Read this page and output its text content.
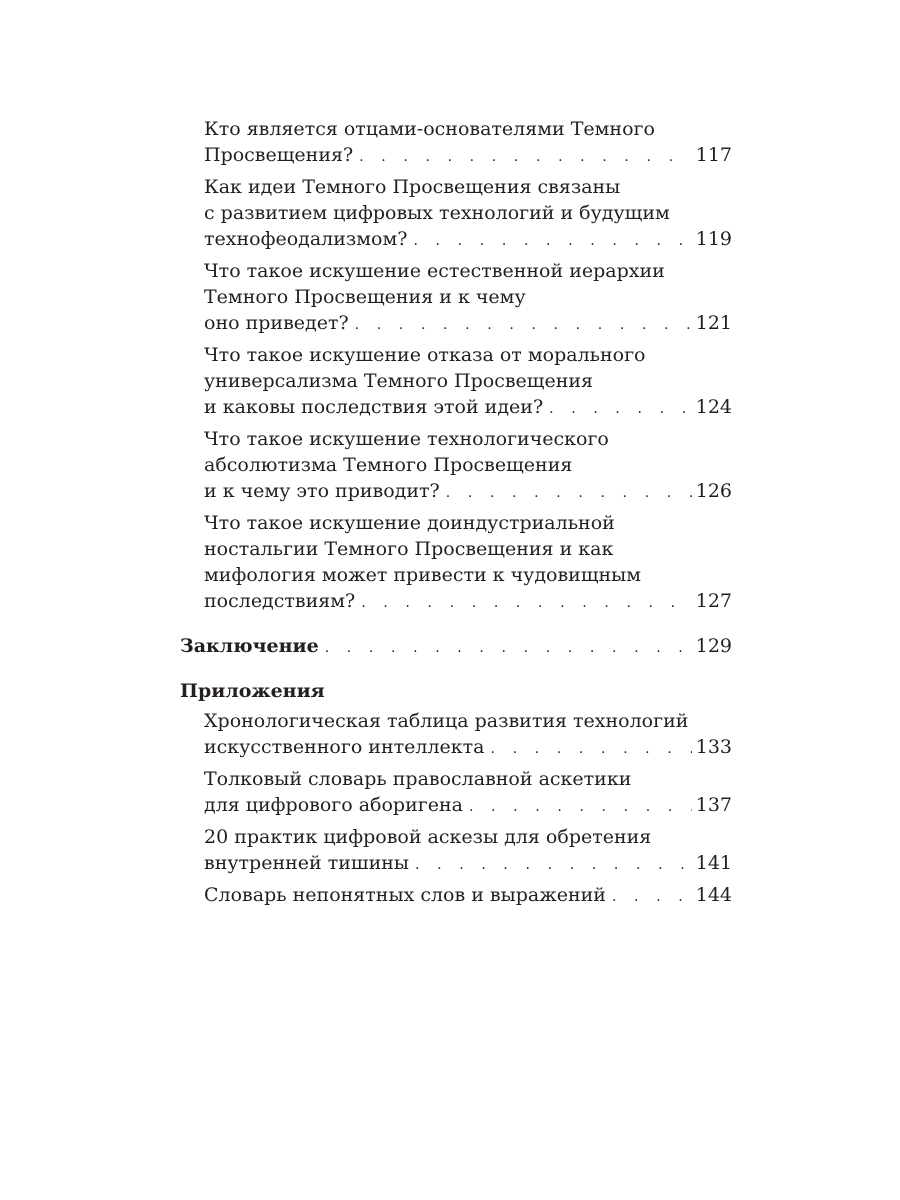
Кто является отцами-основателями Темного
Просвещения? . . .	117
Как идеи Темного Просвещения связаны
с развитием цифровых технологий и будущим
технофеодализмом? . . .	119
Что такое искушение естественной иерархии
Темного Просвещения и к чему
оно приведет? . . .	121
Что такое искушение отказа от морального
универсализма Темного Просвещения
и каковы последствия этой идеи? . . .	124
Что такое искушение технологического
абсолютизма Темного Просвещения
и к чему это приводит? . . .	126
Что такое искушение доиндустриальной
ностальгии Темного Просвещения и как
мифология может привести к чудовищным
последствиям? . . .	127
Заключение . . .	129
Приложения
Хронологическая таблица развития технологий
искусственного интеллекта . . .	133
Толковый словарь православной аскетики
для цифрового аборигена . . .	137
20 практик цифровой аскезы для обретения
внутренней тишины . . .	141
Словарь непонятных слов и выражений . . .	144
